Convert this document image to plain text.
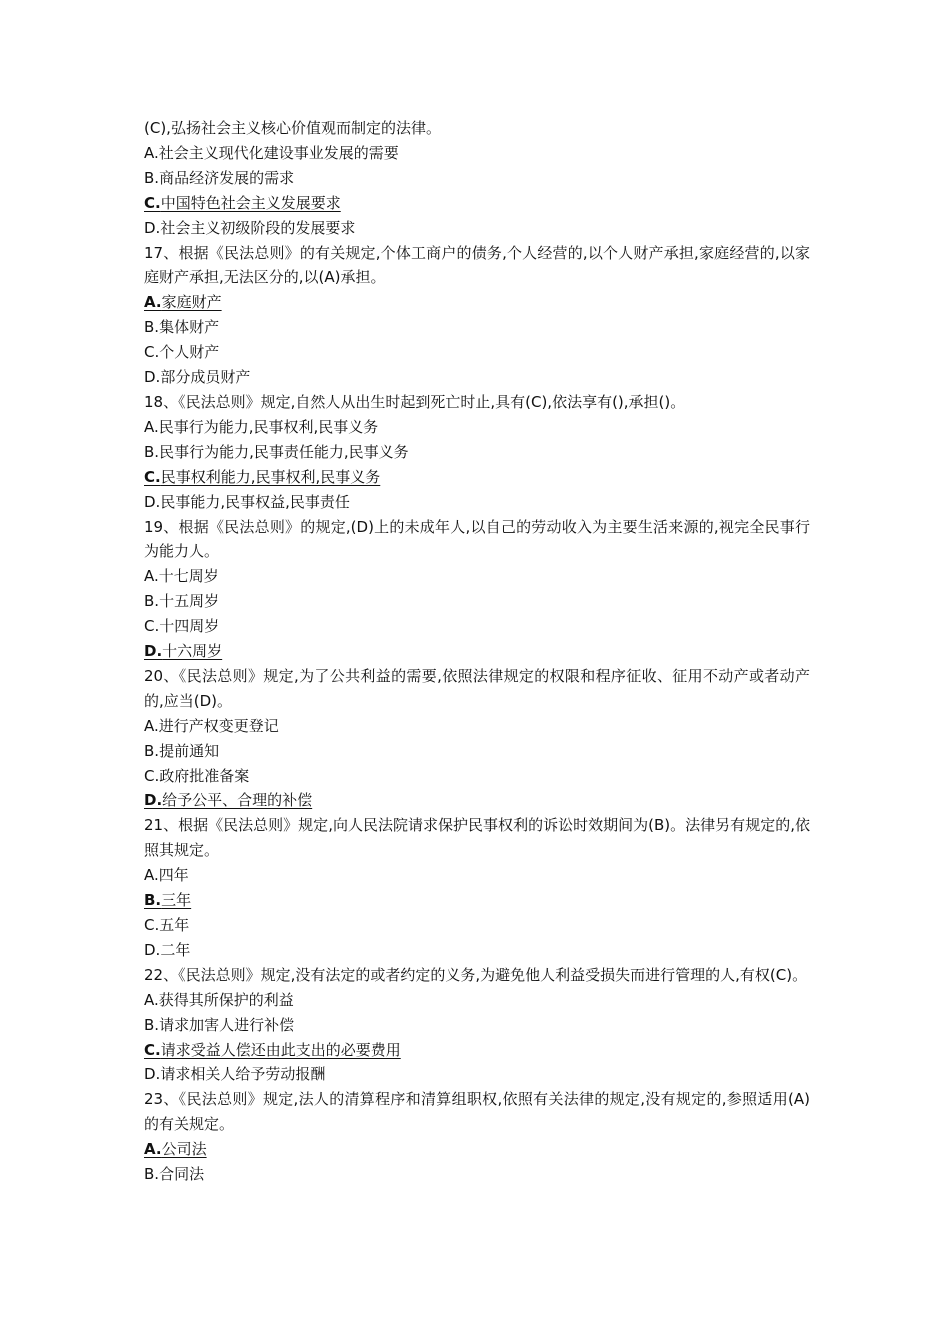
(C),弘扬社会主义核心价值观而制定的法律。
A.社会主义现代化建设事业发展的需要
B.商品经济发展的需求
C.中国特色社会主义发展要求
D.社会主义初级阶段的发展要求
17、根据《民法总则》的有关规定,个体工商户的债务,个人经营的,以个人财产承担,家庭经营的,以家庭财产承担,无法区分的,以(A)承担。
A.家庭财产
B.集体财产
C.个人财产
D.部分成员财产
18、《民法总则》规定,自然人从出生时起到死亡时止,具有(C),依法享有(),承担()。
A.民事行为能力,民事权利,民事义务
B.民事行为能力,民事责任能力,民事义务
C.民事权利能力,民事权利,民事义务
D.民事能力,民事权益,民事责任
19、根据《民法总则》的规定,(D)上的未成年人,以自己的劳动收入为主要生活来源的,视完全民事行为能力人。
A.十七周岁
B.十五周岁
C.十四周岁
D.十六周岁
20、《民法总则》规定,为了公共利益的需要,依照法律规定的权限和程序征收、征用不动产或者动产的,应当(D)。
A.进行产权变更登记
B.提前通知
C.政府批准备案
D.给予公平、合理的补偿
21、根据《民法总则》规定,向人民法院请求保护民事权利的诉讼时效期间为(B)。法律另有规定的,依照其规定。
A.四年
B.三年
C.五年
D.二年
22、《民法总则》规定,没有法定的或者约定的义务,为避免他人利益受损失而进行管理的人,有权(C)。
A.获得其所保护的利益
B.请求加害人进行补偿
C.请求受益人偿还由此支出的必要费用
D.请求相关人给予劳动报酬
23、《民法总则》规定,法人的清算程序和清算组职权,依照有关法律的规定,没有规定的,参照适用(A)的有关规定。
A.公司法
B.合同法
